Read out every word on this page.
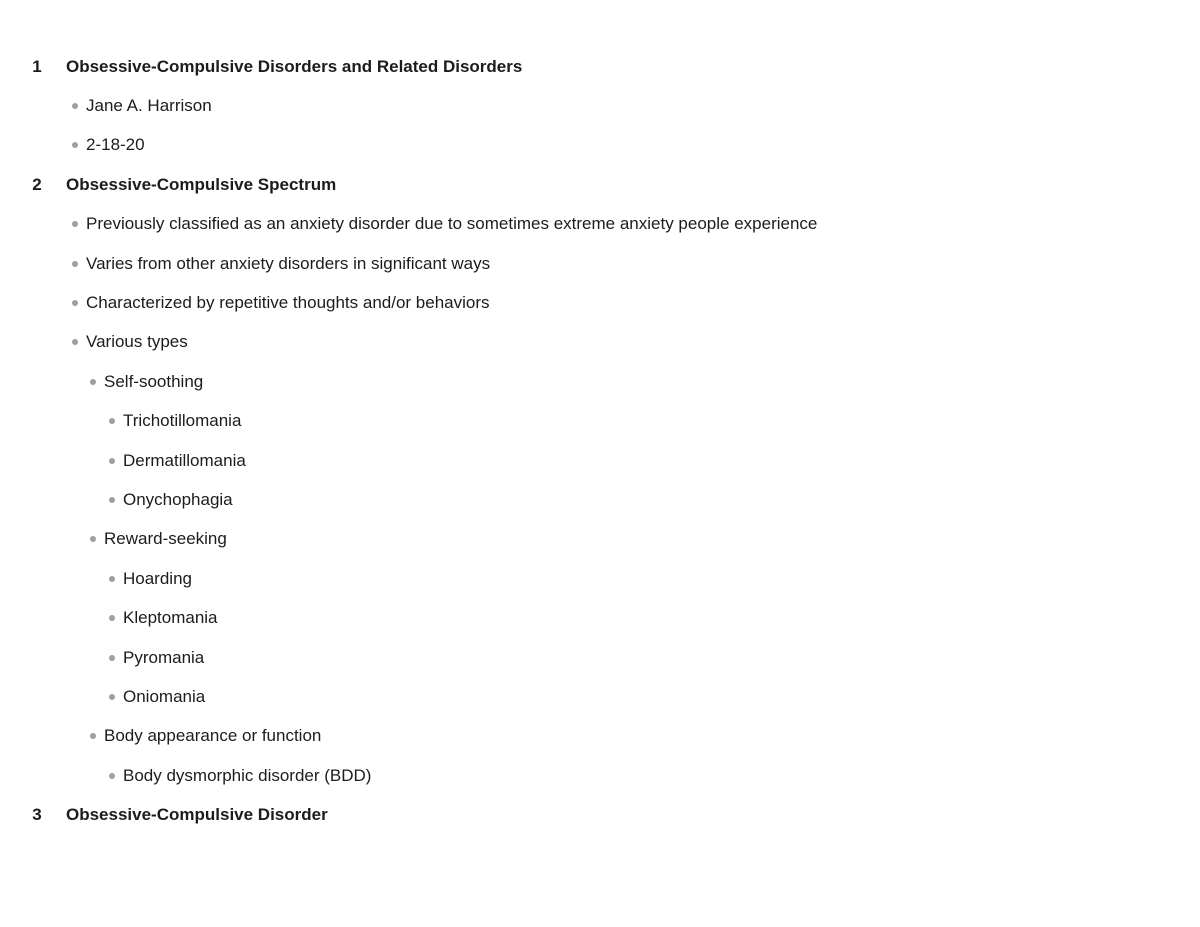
1	Obsessive-Compulsive Disorders and Related Disorders
Jane A. Harrison
2-18-20
2	Obsessive-Compulsive Spectrum
Previously classified as an anxiety disorder due to sometimes extreme anxiety people experience
Varies from other anxiety disorders in significant ways
Characterized by repetitive thoughts and/or behaviors
Various types
Self-soothing
Trichotillomania
Dermatillomania
Onychophagia
Reward-seeking
Hoarding
Kleptomania
Pyromania
Oniomania
Body appearance or function
Body dysmorphic disorder (BDD)
3	Obsessive-Compulsive Disorder
